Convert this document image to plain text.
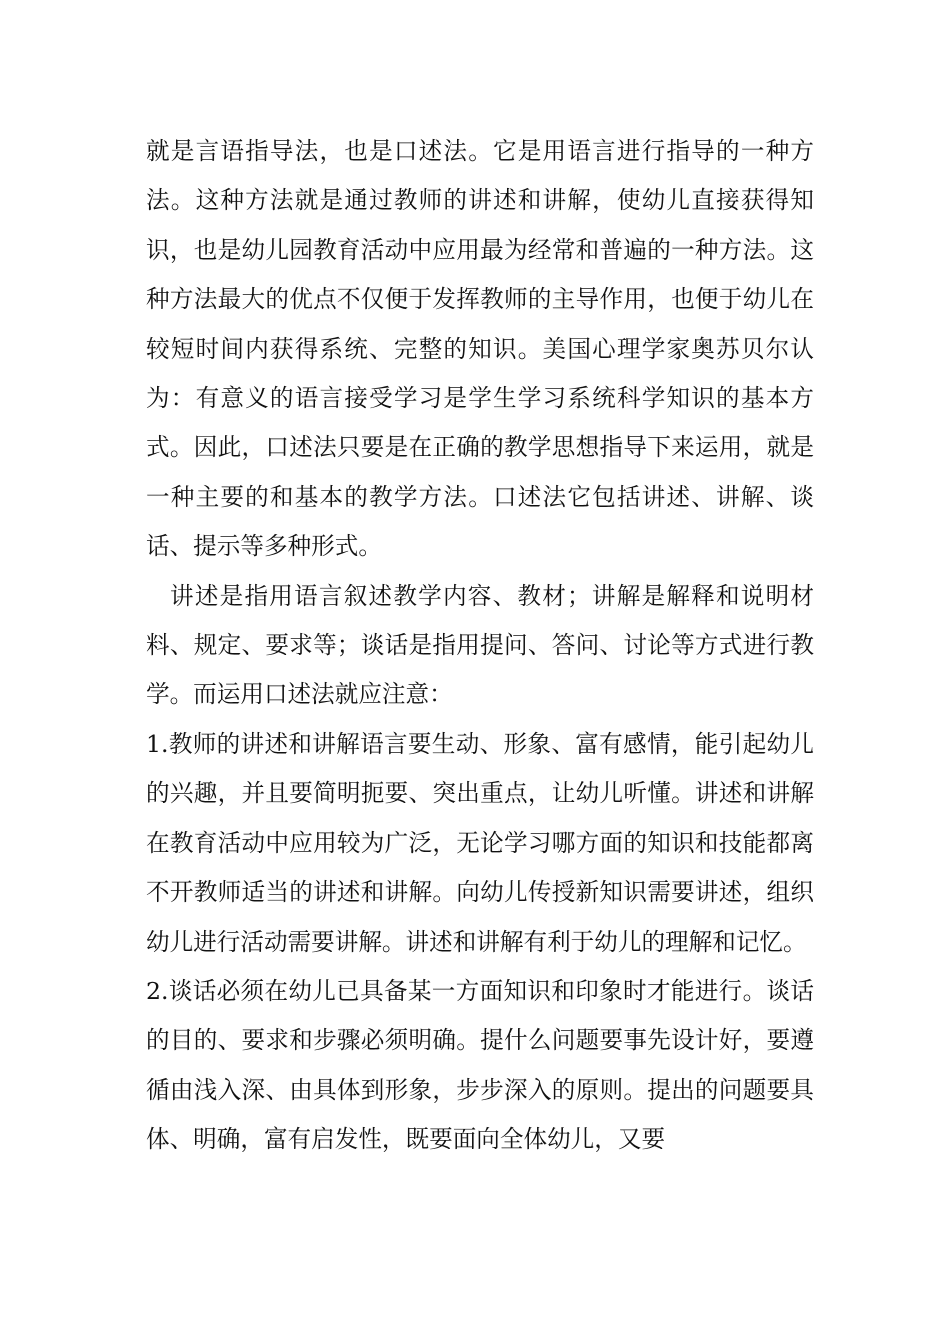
就是言语指导法，也是口述法。它是用语言进行指导的一种方法。这种方法就是通过教师的讲述和讲解，使幼儿直接获得知识，也是幼儿园教育活动中应用最为经常和普遍的一种方法。这种方法最大的优点不仅便于发挥教师的主导作用，也便于幼儿在较短时间内获得系统、完整的知识。美国心理学家奥苏贝尔认为：有意义的语言接受学习是学生学习系统科学知识的基本方式。因此，口述法只要是在正确的教学思想指导下来运用，就是一种主要的和基本的教学方法。口述法它包括讲述、讲解、谈话、提示等多种形式。

讲述是指用语言叙述教学内容、教材；讲解是解释和说明材料、规定、要求等；谈话是指用提问、答问、讨论等方式进行教学。而运用口述法就应注意：

1.教师的讲述和讲解语言要生动、形象、富有感情，能引起幼儿的兴趣，并且要简明扼要、突出重点，让幼儿听懂。讲述和讲解在教育活动中应用较为广泛，无论学习哪方面的知识和技能都离不开教师适当的讲述和讲解。向幼儿传授新知识需要讲述，组织幼儿进行活动需要讲解。讲述和讲解有利于幼儿的理解和记忆。

2.谈话必须在幼儿已具备某一方面知识和印象时才能进行。谈话的目的、要求和步骤必须明确。提什么问题要事先设计好，要遵循由浅入深、由具体到形象，步步深入的原则。提出的问题要具体、明确，富有启发性，既要面向全体幼儿，又要
